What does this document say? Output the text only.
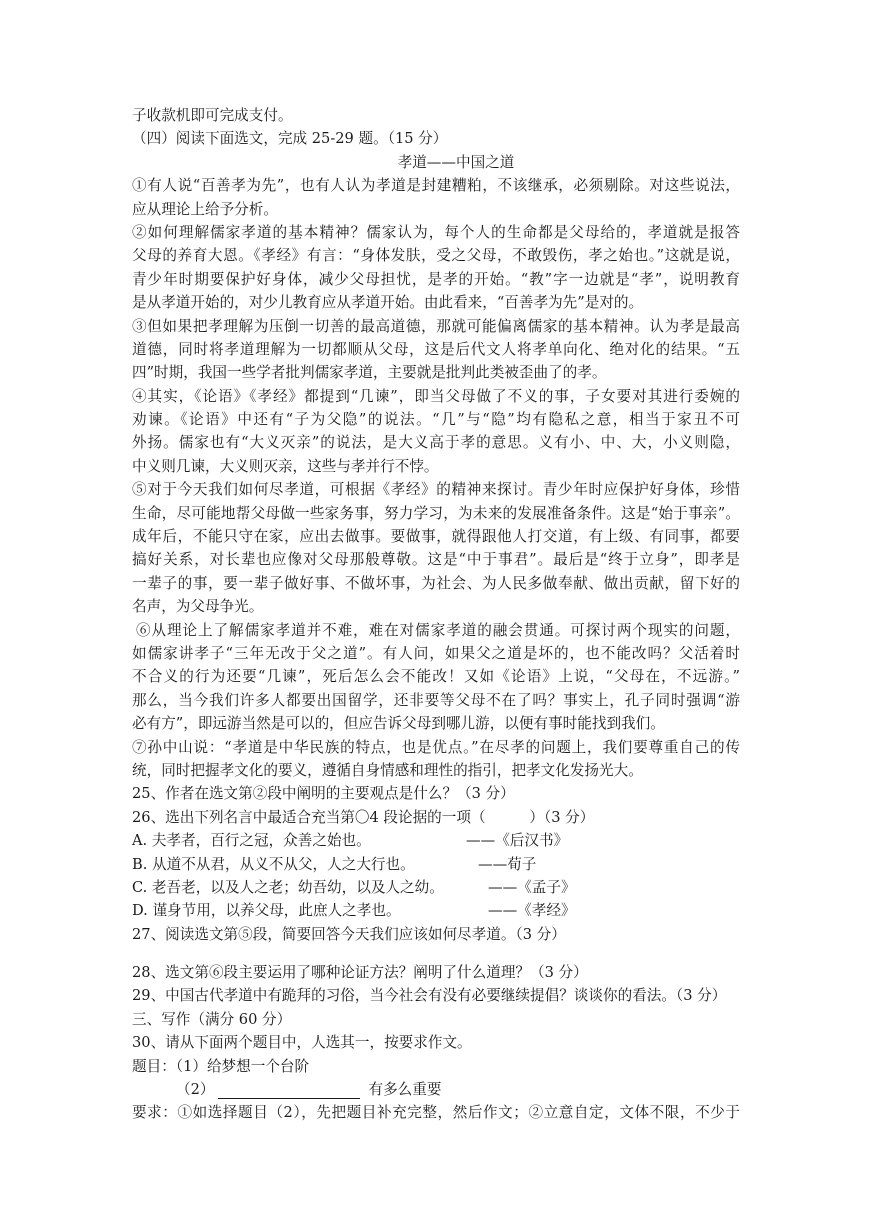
子收款机即可完成支付。
（四）阅读下面选文，完成 25-29 题。（15 分）
孝道——中国之道
①有人说“百善孝为先”，也有人认为孝道是封建糟粕，不该继承，必须剔除。对这些说法，
应从理论上给予分析。
②如何理解儒家孝道的基本精神？儒家认为，每个人的生命都是父母给的，孝道就是报答
父母的养育大恩。《孝经》有言：“身体发肤，受之父母，不敢毁伤，孝之始也。”这就是说，
青少年时期要保护好身体，减少父母担忧，是孝的开始。“教”字一边就是“孝”，说明教育
是从孝道开始的，对少儿教育应从孝道开始。由此看来，“百善孝为先”是对的。
③但如果把孝理解为压倒一切善的最高道德，那就可能偏离儒家的基本精神。认为孝是最高
道德，同时将孝道理解为一切都顺从父母，这是后代文人将孝单向化、绝对化的结果。“五
四”时期，我国一些学者批判儒家孝道，主要就是批判此类被歪曲了的孝。
④其实，《论语》《孝经》都提到“几谏”，即当父母做了不义的事，子女要对其进行委婉的
劝谏。《论语》中还有“子为父隐”的说法。“几”与“隐”均有隐私之意，相当于家丑不可
外扬。儒家也有“大义灭亲”的说法，是大义高于孝的意思。义有小、中、大，小义则隐，
中义则几谏，大义则灭亲，这些与孝并行不悖。
⑤对于今天我们如何尽孝道，可根据《孝经》的精神来探讨。青少年时应保护好身体，珍惜
生命，尽可能地帮父母做一些家务事，努力学习，为未来的发展准备条件。这是“始于事亲”。
成年后，不能只守在家，应出去做事。要做事，就得跟他人打交道，有上级、有同事，都要
搞好关系，对长辈也应像对父母那般尊敬。这是“中于事君”。最后是“终于立身”，即孝是
一辈子的事，要一辈子做好事、不做坏事，为社会、为人民多做奉献、做出贡献，留下好的
名声，为父母争光。
⑥从理论上了解儒家孝道并不难，难在对儒家孝道的融会贯通。可探讨两个现实的问题，
如儒家讲孝子“三年无改于父之道”。有人问，如果父之道是坏的，也不能改吗？父活着时
不合义的行为还要“几谏”，死后怎么会不能改！又如《论语》上说，“父母在，不远游。”
那么，当今我们许多人都要出国留学，还非要等父母不在了吗？事实上，孔子同时强调“游
必有方”，即远游当然是可以的，但应告诉父母到哪儿游，以便有事时能找到我们。
⑦孙中山说：“孝道是中华民族的特点，也是优点。”在尽孝的问题上，我们要尊重自己的传
统，同时把握孝文化的要义，遵循自身情感和理性的指引，把孝文化发扬光大。
25、作者在选文第②段中阐明的主要观点是什么？（3 分）
26、选出下列名言中最适合充当第〇4 段论据的一项（　　　）（3 分）
A. 夫孝者，百行之冠，众善之始也。	——《后汉书》
B. 从道不从君，从义不从父，人之大行也。	——荀子
C. 老吾老，以及人之老；幼吾幼，以及人之幼。	——《孟子》
D. 谨身节用，以养父母，此庶人之孝也。	——《孝经》
27、阅读选文第⑤段，简要回答今天我们应该如何尽孝道。（3 分）
28、选文第⑥段主要运用了哪种论证方法？阐明了什么道理？（3 分）
29、中国古代孝道中有跪拜的习俗，当今社会有没有必要继续提倡？谈谈你的看法。（3 分）
三、写作（满分 60 分）
30、请从下面两个题目中，人选其一，按要求作文。
题目：（1）给梦想一个台阶
（2）	有多么重要
要求：①如选择题目（2），先把题目补充完整，然后作文；②立意自定，文体不限，不少于
